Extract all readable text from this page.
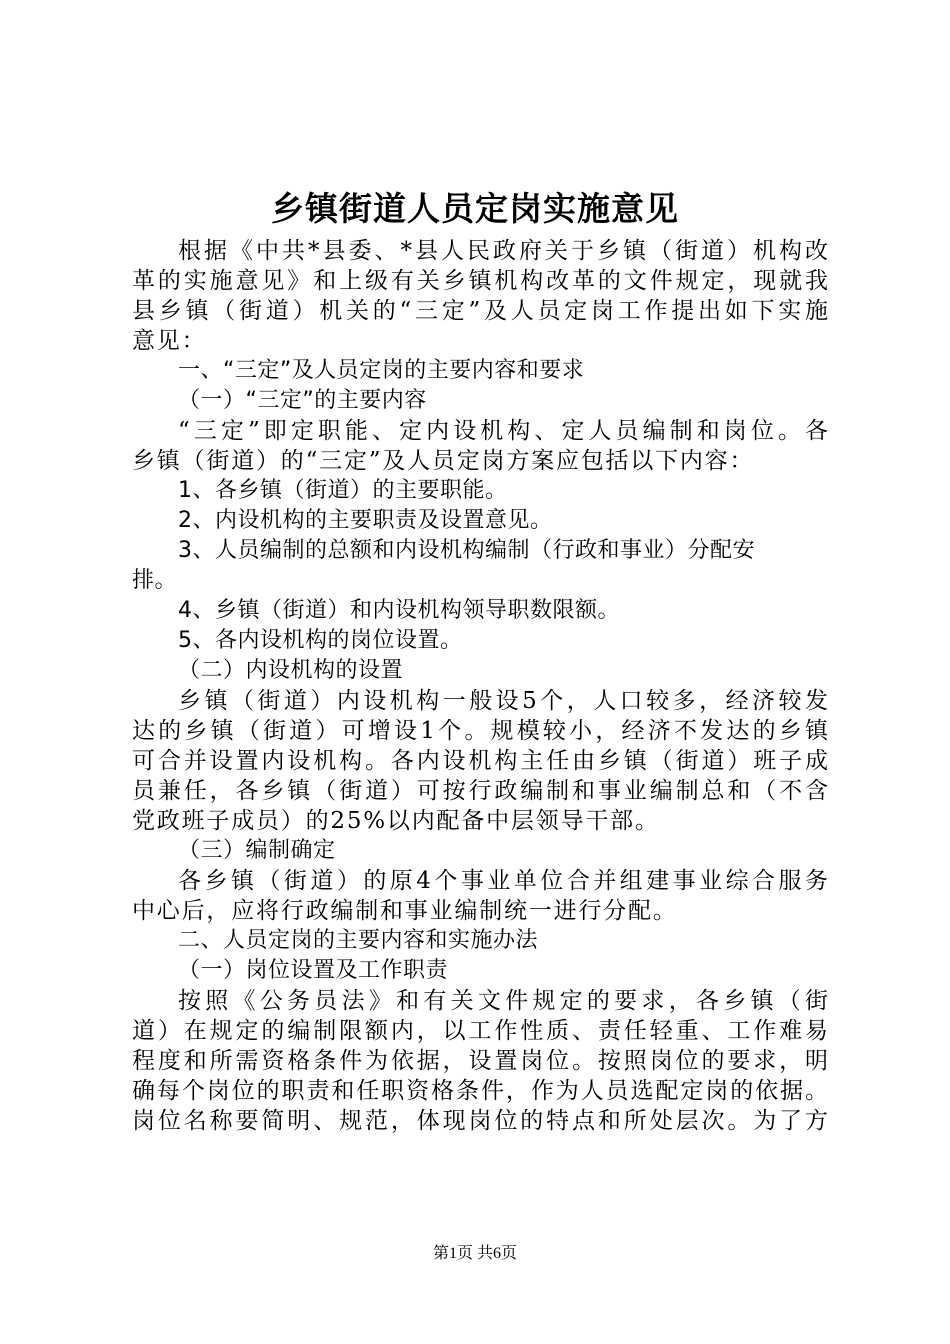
乡镇街道人员定岗实施意见
根据《中共*县委、*县人民政府关于乡镇（街道）机构改
革的实施意见》和上级有关乡镇机构改革的文件规定，现就我
县乡镇（街道）机关的“三定”及人员定岗工作提出如下实施
意见：
一、“三定”及人员定岗的主要内容和要求
（一）“三定”的主要内容
“三定”即定职能、定内设机构、定人员编制和岗位。各
乡镇（街道）的“三定”及人员定岗方案应包括以下内容：
1、各乡镇（街道）的主要职能。
2、内设机构的主要职责及设置意见。
3、人员编制的总额和内设机构编制（行政和事业）分配安
排。
4、乡镇（街道）和内设机构领导职数限额。
5、各内设机构的岗位设置。
（二）内设机构的设置
乡镇（街道）内设机构一般设5个，人口较多，经济较发
达的乡镇（街道）可增设1个。规模较小，经济不发达的乡镇
可合并设置内设机构。各内设机构主任由乡镇（街道）班子成
员兼任，各乡镇（街道）可按行政编制和事业编制总和（不含
党政班子成员）的25%以内配备中层领导干部。
（三）编制确定
各乡镇（街道）的原4个事业单位合并组建事业综合服务
中心后，应将行政编制和事业编制统一进行分配。
二、人员定岗的主要内容和实施办法
（一）岗位设置及工作职责
按照《公务员法》和有关文件规定的要求，各乡镇（街
道）在规定的编制限额内，以工作性质、责任轻重、工作难易
程度和所需资格条件为依据，设置岗位。按照岗位的要求，明
确每个岗位的职责和任职资格条件，作为人员选配定岗的依据。
岗位名称要简明、规范，体现岗位的特点和所处层次。为了方
第1页 共6页
